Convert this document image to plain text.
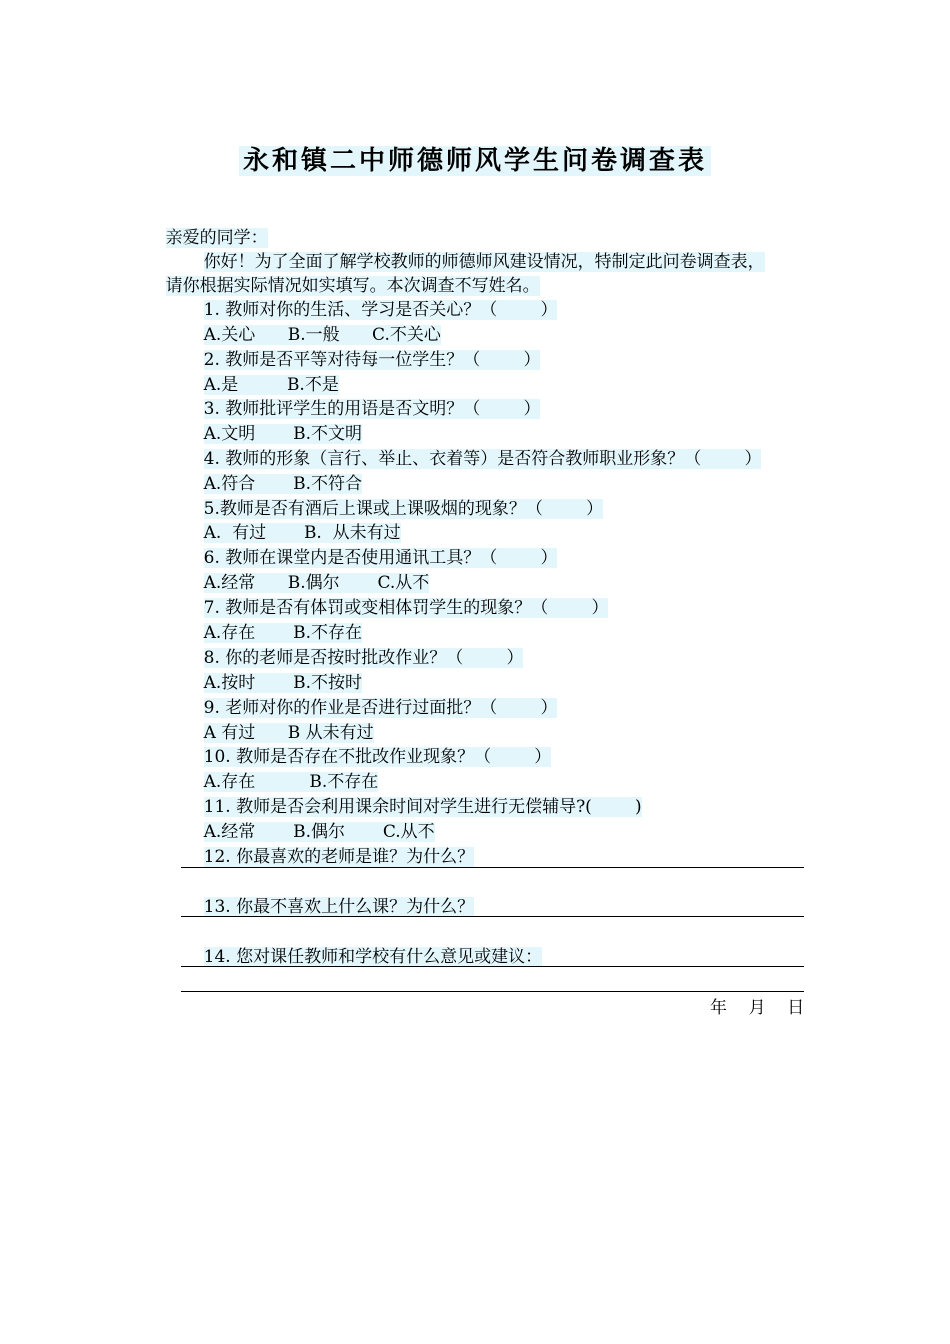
永和镇二中师德师风学生问卷调查表

亲爱的同学：

你好！为了全面了解学校教师的师德师风建设情况，特制定此问卷调查表，

请你根据实际情况如实填写。本次调查不写姓名。

1. 教师对你的生活、学习是否关心？（        ）

A.关心      B.一般      C.不关心

2. 教师是否平等对待每一位学生？（        ）

A.是         B.不是

3. 教师批评学生的用语是否文明？（        ）

A.文明       B.不文明

4. 教师的形象（言行、举止、衣着等）是否符合教师职业形象？（        ）

A.符合       B.不符合

5.教师是否有酒后上课或上课吸烟的现象？（        ）

A.  有过       B.  从未有过

6. 教师在课堂内是否使用通讯工具？（        ）

A.经常      B.偶尔       C.从不

7. 教师是否有体罚或变相体罚学生的现象？（        ）

A.存在       B.不存在

8. 你的老师是否按时批改作业？（        ）

A.按时       B.不按时

9. 老师对你的作业是否进行过面批？（        ）

A 有过      B 从未有过

10. 教师是否存在不批改作业现象？（        ）

A.存在          B.不存在

11. 教师是否会利用课余时间对学生进行无偿辅导?(        )

A.经常       B.偶尔       C.从不

12. 你最喜欢的老师是谁？为什么？

13. 你最不喜欢上什么课？为什么？

14. 您对课任教师和学校有什么意见或建议：

年    月    日
